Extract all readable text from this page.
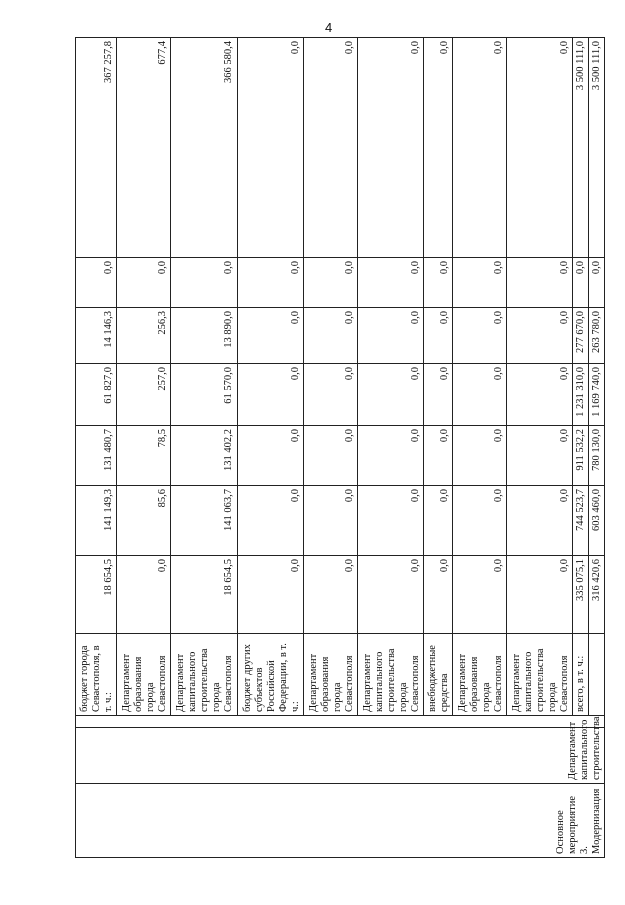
4
Основное мероприятие 3. Модернизация	Департамент капитального строительства		бюджет города Севастополя, в т. ч.:	18 654,5	141 149,3	131 480,7	61 827,0	14 146,3	0,0	367 257,8	
			Департамент образования города Севастополя	0,0	85,6	78,5	257,0	256,3	0,0	677,4	
			Департамент капитального строительства города Севастополя	18 654,5	141 063,7	131 402,2	61 570,0	13 890,0	0,0	366 580,4	
			бюджет других субъектов Российской Федерации, в т. ч.:	0,0	0,0	0,0	0,0	0,0	0,0	0,0	
			Департамент образования города Севастополя	0,0	0,0	0,0	0,0	0,0	0,0	0,0	
			Департамент капитального строительства города Севастополя	0,0	0,0	0,0	0,0	0,0	0,0	0,0	
			внебюджетные средства	0,0	0,0	0,0	0,0	0,0	0,0	0,0	
			Департамент образования города Севастополя	0,0	0,0	0,0	0,0	0,0	0,0	0,0	
			Департамент капитального строительства города Севастополя	0,0	0,0	0,0	0,0	0,0	0,0	0,0	
			всего, в т. ч.:	335 075,1	744 523,7	911 532,2	1 231 310,0	277 670,0	0,0	3 500 111,0	
				316 420,6	603 460,0	780 130,0	1 169 740,0	263 780,0	0,0	3 500 111,0	
